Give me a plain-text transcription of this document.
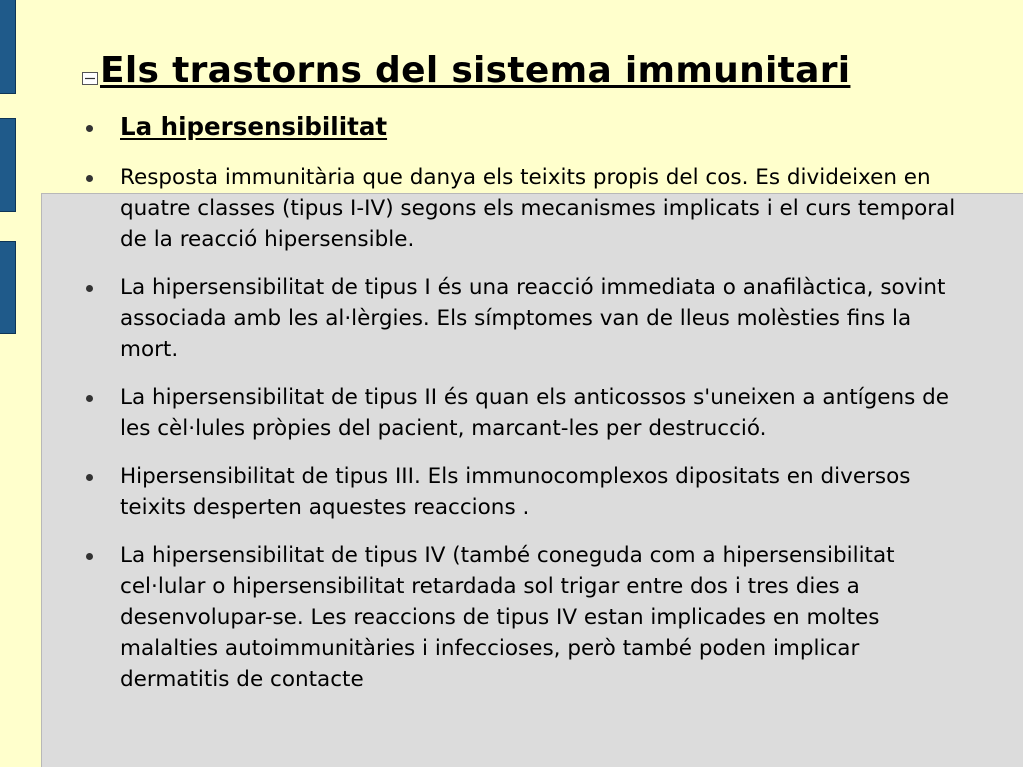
Els trastorns del sistema immunitari
La hipersensibilitat
Resposta immunitària que danya els teixits propis del cos. Es divideixen en quatre classes (tipus I-IV) segons els mecanismes implicats i el curs temporal de la reacció hipersensible.
La hipersensibilitat de tipus I és una reacció immediata o anafilàctica, sovint associada amb les al·lèrgies. Els símptomes van de lleus molèsties fins la mort.
La hipersensibilitat de tipus II és quan els anticossos s'uneixen a antígens de les cèl·lules pròpies del pacient, marcant-les per destrucció.
Hipersensibilitat de tipus III. Els immunocomplexos dipositats en diversos teixits desperten aquestes reaccions .
La hipersensibilitat de tipus IV (també coneguda com a hipersensibilitat cel·lular o hipersensibilitat retardada sol trigar entre dos i tres dies a desenvolupar-se. Les reaccions de tipus IV estan implicades en moltes malalties autoimmunitàries i infeccioses, però també poden implicar dermatitis de contacte
